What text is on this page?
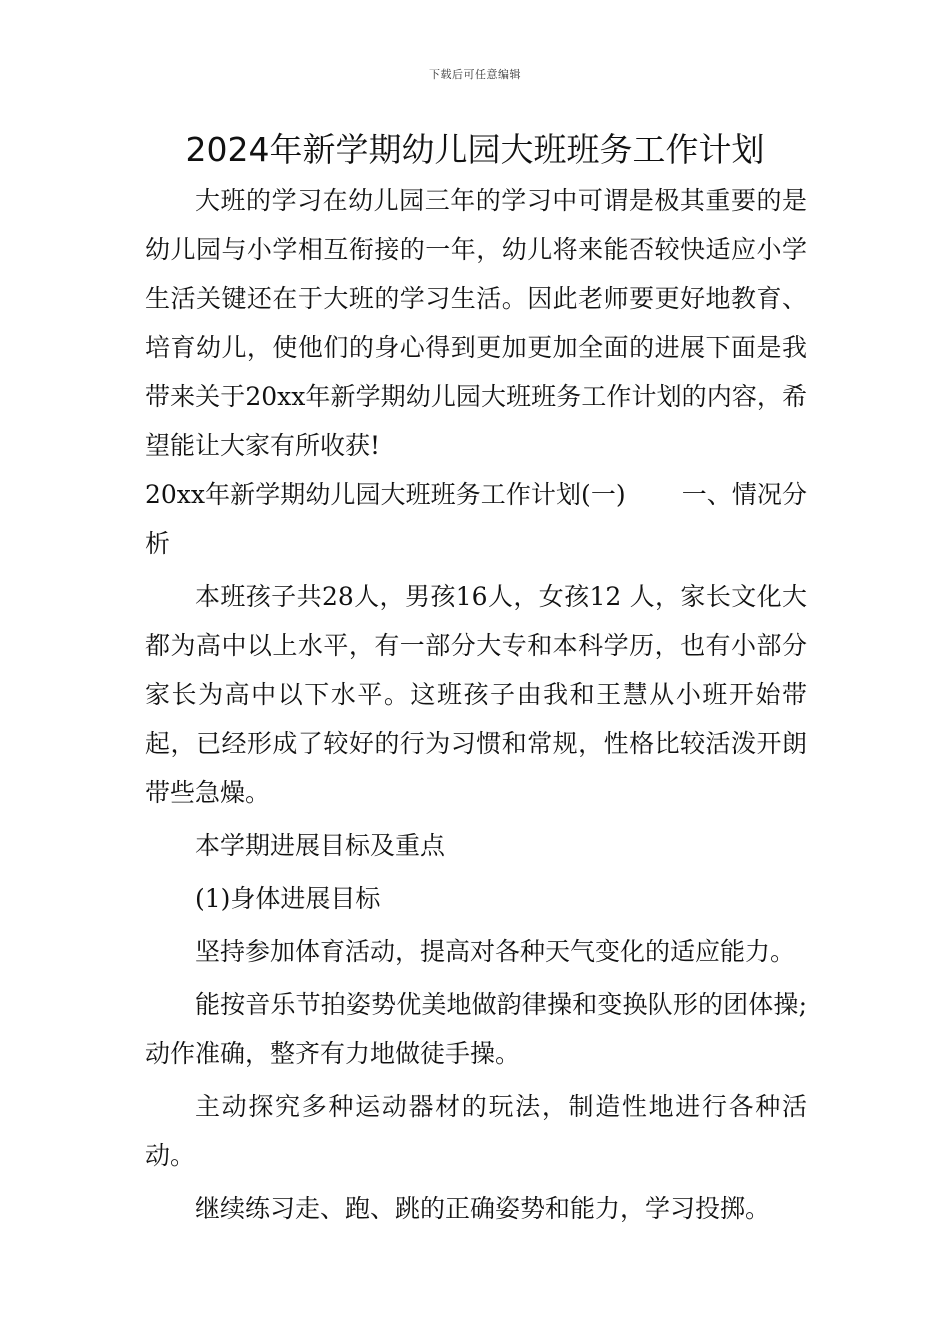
下载后可任意编辑
2024年新学期幼儿园大班班务工作计划

大班的学习在幼儿园三年的学习中可谓是极其重要的是幼儿园与小学相互衔接的一年，幼儿将来能否较快适应小学生活关键还在于大班的学习生活。因此老师要更好地教育、培育幼儿，使他们的身心得到更加更加全面的进展下面是我带来关于20xx年新学期幼儿园大班班务工作计划的内容，希望能让大家有所收获!

20xx年新学期幼儿园大班班务工作计划(一) 一、情况分析

本班孩子共28人，男孩16人，女孩12 人，家长文化大都为高中以上水平，有一部分大专和本科学历，也有小部分家长为高中以下水平。这班孩子由我和王慧从小班开始带起，已经形成了较好的行为习惯和常规，性格比较活泼开朗带些急燥。

本学期进展目标及重点

(1)身体进展目标

坚持参加体育活动，提高对各种天气变化的适应能力。

能按音乐节拍姿势优美地做韵律操和变换队形的团体操;动作准确，整齐有力地做徒手操。

主动探究多种运动器材的玩法，制造性地进行各种活动。

继续练习走、跑、跳的正确姿势和能力，学习投掷。
